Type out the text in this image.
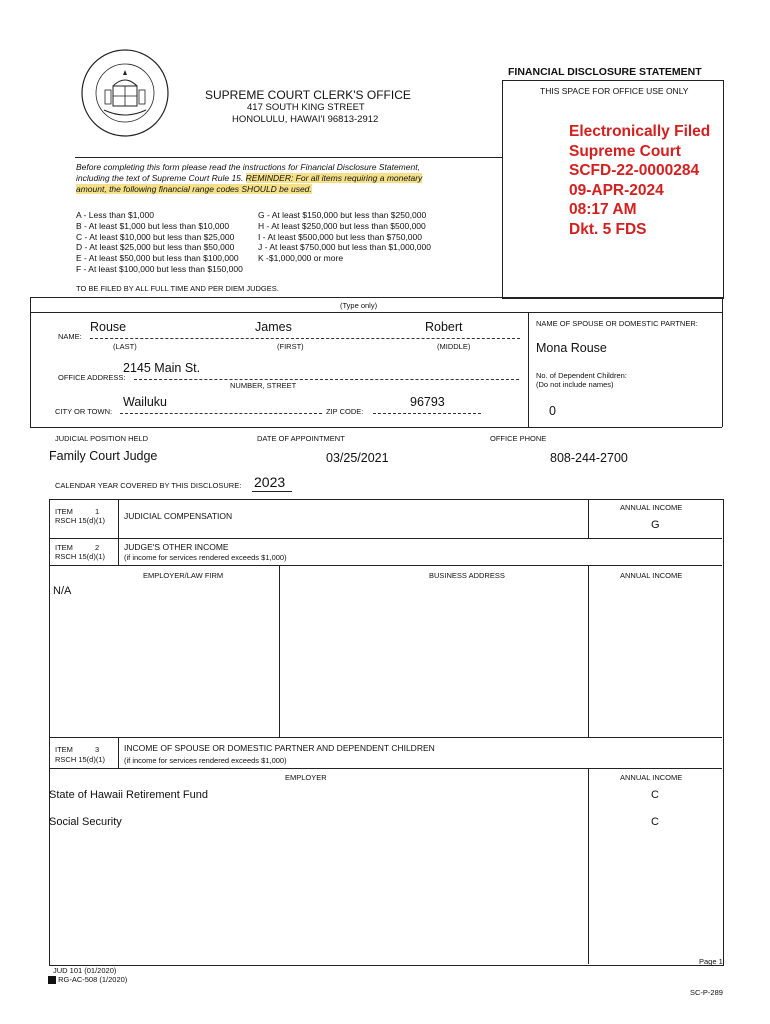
FINANCIAL DISCLOSURE STATEMENT
SUPREME COURT CLERK'S OFFICE
417 SOUTH KING STREET
HONOLULU, HAWAI'I 96813-2912
THIS SPACE FOR OFFICE USE ONLY
Electronically Filed
Supreme Court
SCFD-22-0000284
09-APR-2024
08:17 AM
Dkt. 5 FDS
Before completing this form please read the instructions for Financial Disclosure Statement,
including the text of Supreme Court Rule 15. REMINDER: For all items requiring a monetary
amount, the following financial range codes SHOULD be used.
A - Less than $1,000
B - At least $1,000 but less than $10,000
C - At least $10,000 but less than $25,000
D - At least $25,000 but less than $50,000
E - At least $50,000 but less than $100,000
F - At least $100,000 but less than $150,000
G - At least $150,000 but less than $250,000
H - At least $250,000 but less than $500,000
I - At least $500,000 but less than $750,000
J - At least $750,000 but less than $1,000,000
K -$1,000,000 or more
TO BE FILED BY ALL FULL TIME AND PER DIEM JUDGES.
(Type only)
NAME:
Rouse	James	Robert
(LAST)	(FIRST)	(MIDDLE)
NAME OF SPOUSE OR DOMESTIC PARTNER:
Mona Rouse
OFFICE ADDRESS:
2145 Main St.
NUMBER, STREET
No. of Dependent Children:
(Do not include names)
0
CITY OR TOWN:
Wailuku
ZIP CODE:
96793
JUDICIAL POSITION HELD	DATE OF APPOINTMENT	OFFICE PHONE
Family Court Judge	03/25/2021	808-244-2700
CALENDAR YEAR COVERED BY THIS DISCLOSURE: 2023
ITEM	1
RSCH 15(d)(1) JUDICIAL COMPENSATION
ANNUAL INCOME
G
ITEM	2
RSCH 15(d)(1)
JUDGE'S OTHER INCOME
(if income for services rendered exceeds $1,000)
EMPLOYER/LAW FIRM	BUSINESS ADDRESS	ANNUAL INCOME
N/A
ITEM	3
RSCH 15(d)(1)
INCOME OF SPOUSE OR DOMESTIC PARTNER AND DEPENDENT CHILDREN
(if income for services rendered exceeds $1,000)
EMPLOYER	ANNUAL INCOME
State of Hawaii Retirement Fund	C
Social Security	C
Page 1
JUD 101 (01/2020)
RG-AC-508 (1/2020)
SC-P-289
